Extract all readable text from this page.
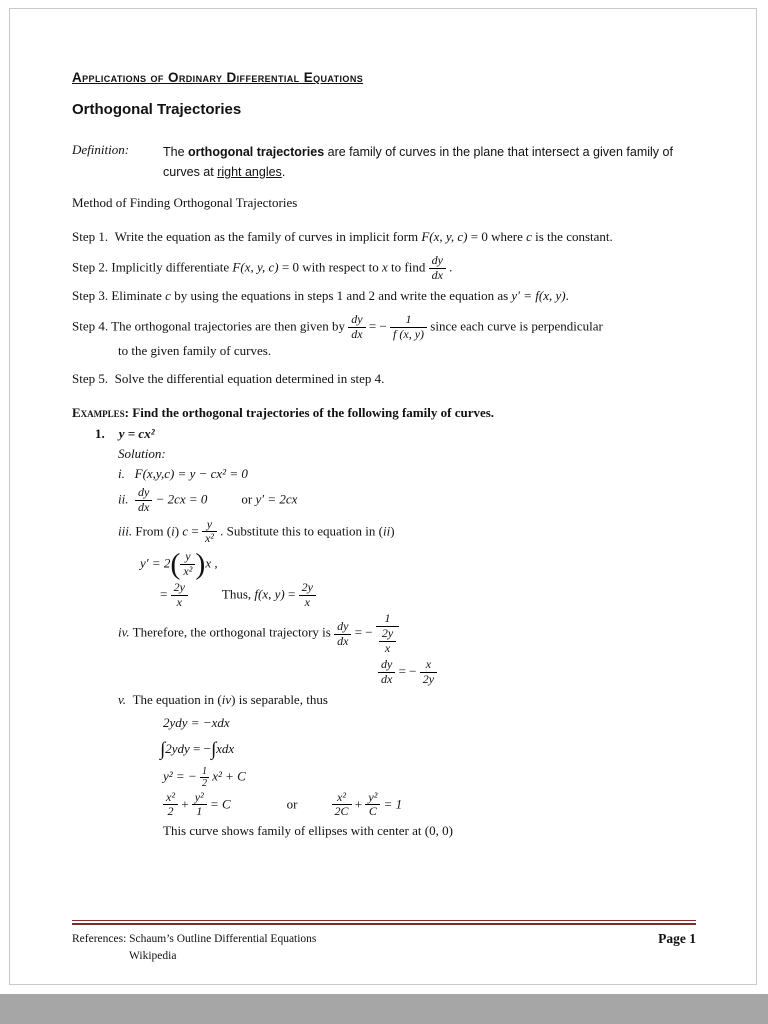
Applications of Ordinary Differential Equations
Orthogonal Trajectories
Definition:	The orthogonal trajectories are family of curves in the plane that intersect a given family of curves at right angles.
Method of Finding Orthogonal Trajectories
Step 1.  Write the equation as the family of curves in implicit form F(x, y, c) = 0 where c is the constant.
Step 2. Implicitly differentiate F(x, y, c) = 0 with respect to x to find $\frac{dy}{dx}$ .
Step 3. Eliminate c by using the equations in steps 1 and 2 and write the equation as y′ = f(x, y).
Step 4. The orthogonal trajectories are then given by $\frac{dy}{dx}$ = − $\frac{1}{f (x, y)}$ since each curve is perpendicular
to the given family of curves.
Step 5.  Solve the differential equation determined in step 4.
Examples: Find the orthogonal trajectories of the following family of curves.
1. y = cx²
Solution:
i. F(x,y,c) = y − cx² = 0
ii. $\frac{dy}{dx} - 2cx = 0$	or y′ = 2cx
iii. From (i) $c = \frac{y}{\text{x²}}$ . Substitute this to equation in (ii)
$y' = 2( \frac{y}{\text{x²}} )x$ ,
= $\frac{2y}{x}$	Thus, f(x, $y) = \frac{2y}{x}$
iv. Therefore, the orthogonal trajectory is $\frac{dy}{dx}$ = − $\frac{1}{\frac{2y}{x}}$
$\frac{dy}{dx}$ = − $\frac{x}{2y}$
v. The equation in (iv) is separable, thus
2ydy = −xdx
∫2ydy = −∫xdx
y² = − $\frac{1}{2} x^2 + C$
$\frac{\text{x²}}{2} + \frac{\text{y²}}{1} = C$	or	$\frac{\text{x²}}{2C} + \frac{\text{y²}}{C} = 1$
This curve shows family of ellipses with center at (0, 0)
References: Schaum’s Outline Differential Equations
Wikipedia
Page 1
